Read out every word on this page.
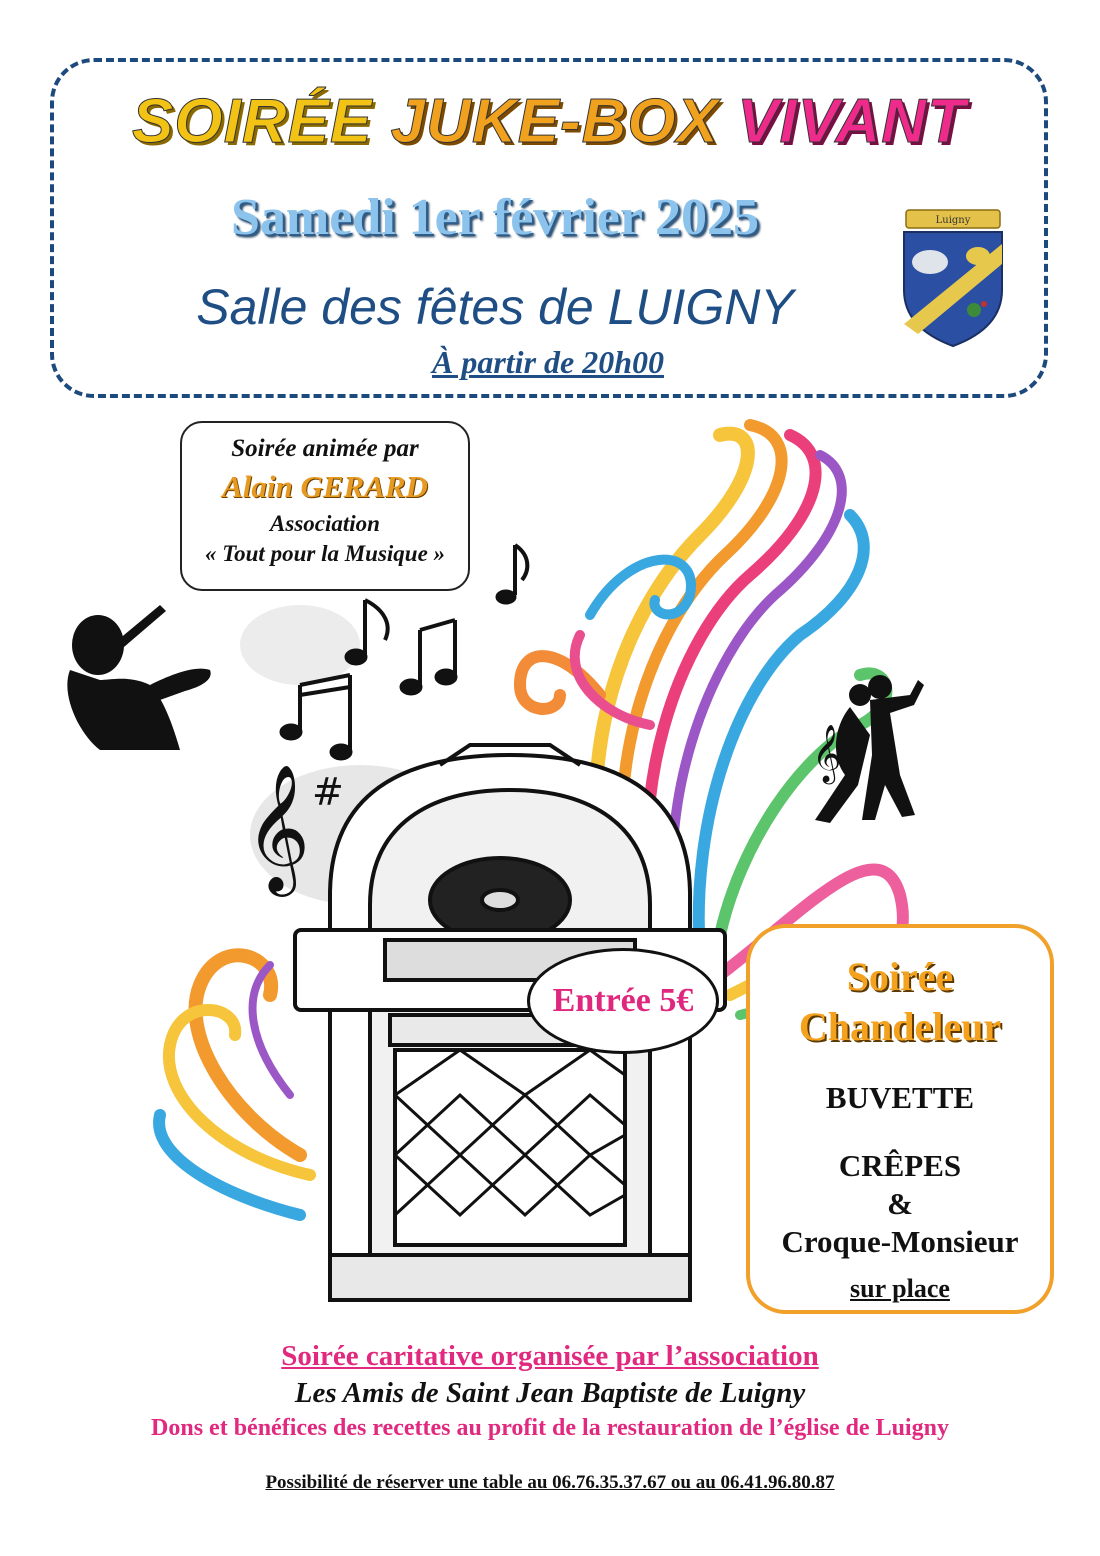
SOIRÉE JUKE-BOX VIVANT
Samedi 1er février 2025
Salle des fêtes de LUIGNY
À partir de 20h00
Luigny
#
𝄞
𝄞
Soirée animée par
Alain GERARD
Association
« Tout pour la Musique »
Entrée 5€
Soirée
Chandeleur
BUVETTE
CRÊPES
&
Croque-Monsieur
sur place
Soirée caritative organisée par l’association
Les Amis de Saint Jean Baptiste de Luigny
Dons et bénéfices des recettes au profit de la restauration de l’église de Luigny
Possibilité de réserver une table au 06.76.35.37.67 ou au 06.41.96.80.87
